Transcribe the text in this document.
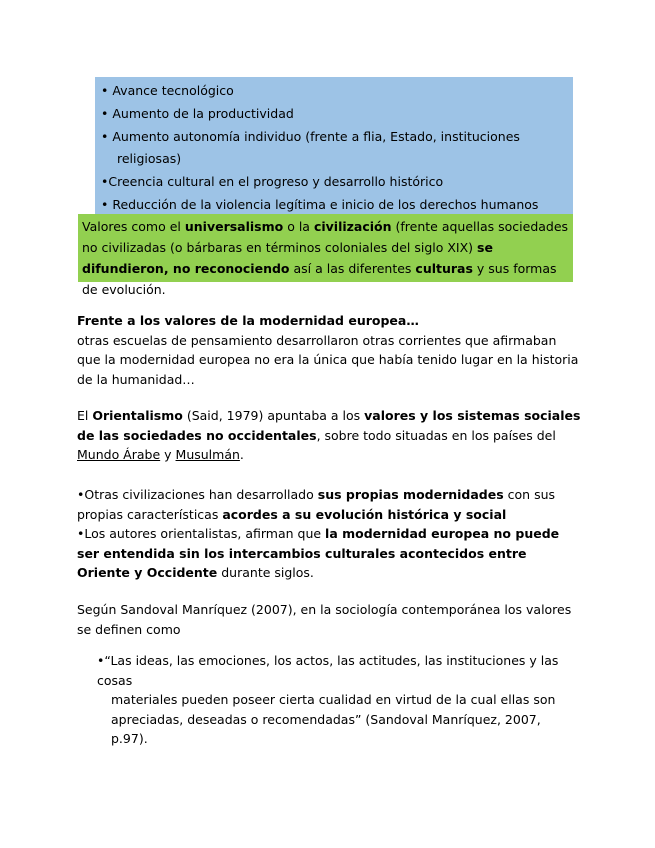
• Avance tecnológico
• Aumento de la productividad
• Aumento autonomía individuo (frente a flia, Estado, instituciones
religiosas)
•Creencia cultural en el progreso y desarrollo histórico
• Reducción de la violencia legítima e inicio de los derechos humanos
Valores como el universalismo o la civilización (frente aquellas sociedades no civilizadas (o bárbaras en términos coloniales del siglo XIX) se difundieron, no reconociendo así a las diferentes culturas y sus formas de evolución.

Frente a los valores de la modernidad europea…

otras escuelas de pensamiento desarrollaron otras corrientes que afirmaban que la modernidad europea no era la única que había tenido lugar en la historia de la humanidad…

El Orientalismo (Said, 1979) apuntaba a los valores y los sistemas sociales de las sociedades no occidentales, sobre todo situadas en los países del Mundo Árabe y Musulmán.

•Otras civilizaciones han desarrollado sus propias modernidades con sus propias características acordes a su evolución histórica y social

•Los autores orientalistas, afirman que la modernidad europea no puede ser entendida sin los intercambios culturales acontecidos entre Oriente y Occidente durante siglos.

Según Sandoval Manríquez (2007), en la sociología contemporánea los valores se definen como
•“Las ideas, las emociones, los actos, las actitudes, las instituciones y las cosas
materiales pueden poseer cierta cualidad en virtud de la cual ellas son apreciadas, deseadas o recomendadas” (Sandoval Manríquez, 2007, p.97).
